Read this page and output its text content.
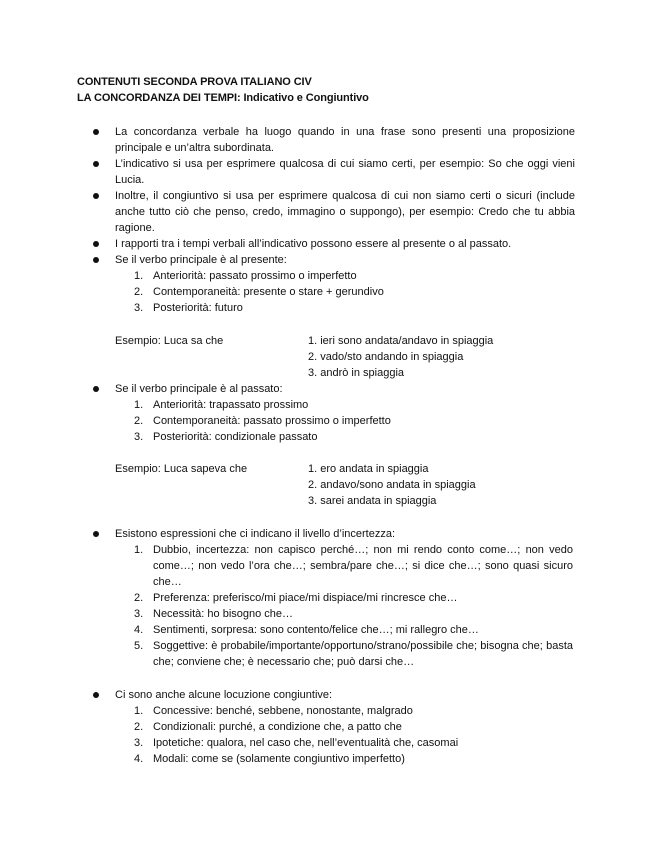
CONTENUTI SECONDA PROVA ITALIANO CIV
LA CONCORDANZA DEI TEMPI: Indicativo e Congiuntivo
La concordanza verbale ha luogo quando in una frase sono presenti una proposizione principale e un’altra subordinata.
L’indicativo si usa per esprimere qualcosa di cui siamo certi, per esempio: So che oggi vieni Lucia.
Inoltre, il congiuntivo si usa per esprimere qualcosa di cui non siamo certi o sicuri (include anche tutto ciò che penso, credo, immagino o suppongo), per esempio: Credo che tu abbia ragione.
I rapporti tra i tempi verbali all’indicativo possono essere al presente o al passato.
Se il verbo principale è al presente:
1. Anteriorità: passato prossimo o imperfetto
2. Contemporaneità: presente o stare + gerundivo
3. Posteriorità: futuro
Esempio: Luca sa che	1. ieri sono andata/andavo in spiaggia
2. vado/sto andando in spiaggia
3. andrò in spiaggia
Se il verbo principale è al passato:
1. Anteriorità: trapassato prossimo
2. Contemporaneità: passato prossimo o imperfetto
3. Posteriorità: condizionale passato
Esempio: Luca sapeva che	1. ero andata in spiaggia
2. andavo/sono andata in spiaggia
3. sarei andata in spiaggia
Esistono espressioni che ci indicano il livello d’incertezza:
1. Dubbio, incertezza: non capisco perché…; non mi rendo conto come…; non vedo come…; non vedo l’ora che…; sembra/pare che…; si dice che…; sono quasi sicuro che…
2. Preferenza: preferisco/mi piace/mi dispiace/mi rincresce che…
3. Necessità: ho bisogno che…
4. Sentimenti, sorpresa: sono contento/felice che…; mi rallegro che…
5. Soggettive: è probabile/importante/opportuno/strano/possibile che; bisogna che; basta che; conviene che; è necessario che; può darsi che…
Ci sono anche alcune locuzione congiuntive:
1. Concessive: benché, sebbene, nonostante, malgrado
2. Condizionali: purché, a condizione che, a patto che
3. Ipotetiche: qualora, nel caso che, nell’eventualità che, casomai
4. Modali: come se (solamente congiuntivo imperfetto)
